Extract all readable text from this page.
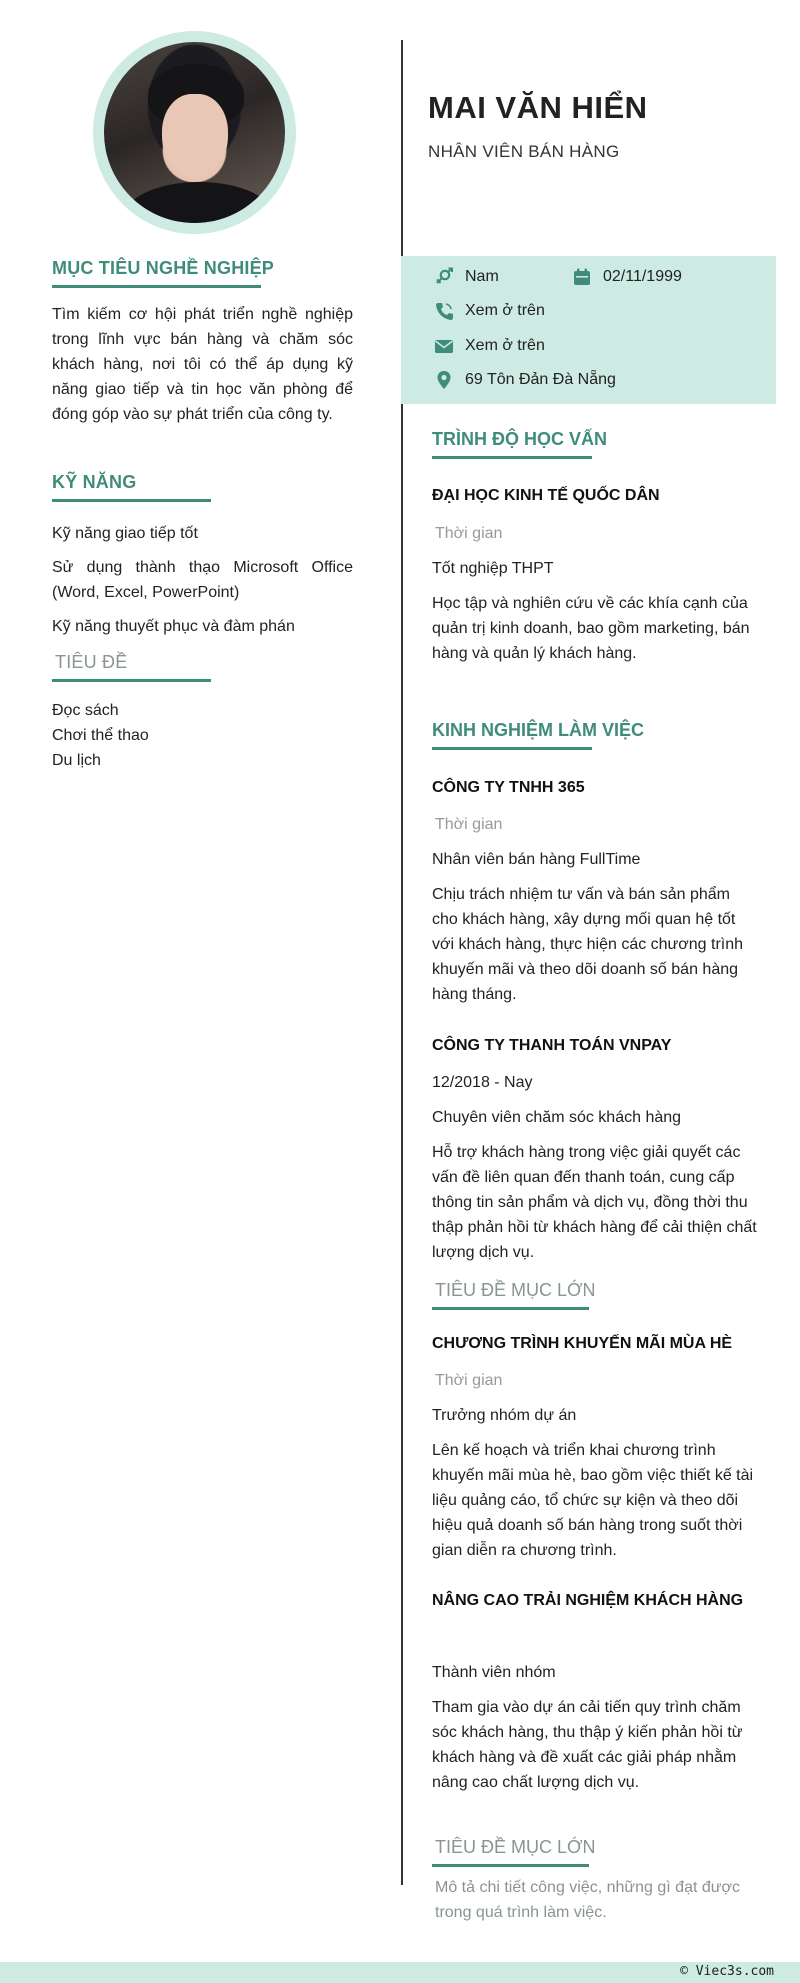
MỤC TIÊU NGHỀ NGHIỆP
Tìm kiếm cơ hội phát triển nghề nghiệp trong lĩnh vực bán hàng và chăm sóc khách hàng, nơi tôi có thể áp dụng kỹ năng giao tiếp và tin học văn phòng để đóng góp vào sự phát triển của công ty.
KỸ NĂNG
Kỹ năng giao tiếp tốt
Sử dụng thành thạo Microsoft Office (Word, Excel, PowerPoint)
Kỹ năng thuyết phục và đàm phán
TIÊU ĐỀ
Đọc sách
Chơi thể thao
Du lịch
MAI VĂN HIỂN
NHÂN VIÊN BÁN HÀNG
Nam	02/11/1999
Xem ở trên
Xem ở trên
69 Tôn Đản Đà Nẵng
TRÌNH ĐỘ HỌC VẤN
ĐẠI HỌC KINH TẾ QUỐC DÂN
Thời gian
Tốt nghiệp THPT
Học tập và nghiên cứu về các khía cạnh của quản trị kinh doanh, bao gồm marketing, bán hàng và quản lý khách hàng.
KINH NGHIỆM LÀM VIỆC
CÔNG TY TNHH 365
Thời gian
Nhân viên bán hàng FullTime
Chịu trách nhiệm tư vấn và bán sản phẩm cho khách hàng, xây dựng mối quan hệ tốt với khách hàng, thực hiện các chương trình khuyến mãi và theo dõi doanh số bán hàng hàng tháng.
CÔNG TY THANH TOÁN VNPAY
12/2018 - Nay
Chuyên viên chăm sóc khách hàng
Hỗ trợ khách hàng trong việc giải quyết các vấn đề liên quan đến thanh toán, cung cấp thông tin sản phẩm và dịch vụ, đồng thời thu thập phản hồi từ khách hàng để cải thiện chất lượng dịch vụ.
TIÊU ĐỀ MỤC LỚN
CHƯƠNG TRÌNH KHUYẾN MÃI MÙA HÈ
Thời gian
Trưởng nhóm dự án
Lên kế hoạch và triển khai chương trình khuyến mãi mùa hè, bao gồm việc thiết kế tài liệu quảng cáo, tổ chức sự kiện và theo dõi hiệu quả doanh số bán hàng trong suốt thời gian diễn ra chương trình.
NÂNG CAO TRẢI NGHIỆM KHÁCH HÀNG
Thành viên nhóm
Tham gia vào dự án cải tiến quy trình chăm sóc khách hàng, thu thập ý kiến phản hồi từ khách hàng và đề xuất các giải pháp nhằm nâng cao chất lượng dịch vụ.
TIÊU ĐỀ MỤC LỚN
Mô tả chi tiết công việc, những gì đạt được trong quá trình làm việc.
© Viec3s.com
